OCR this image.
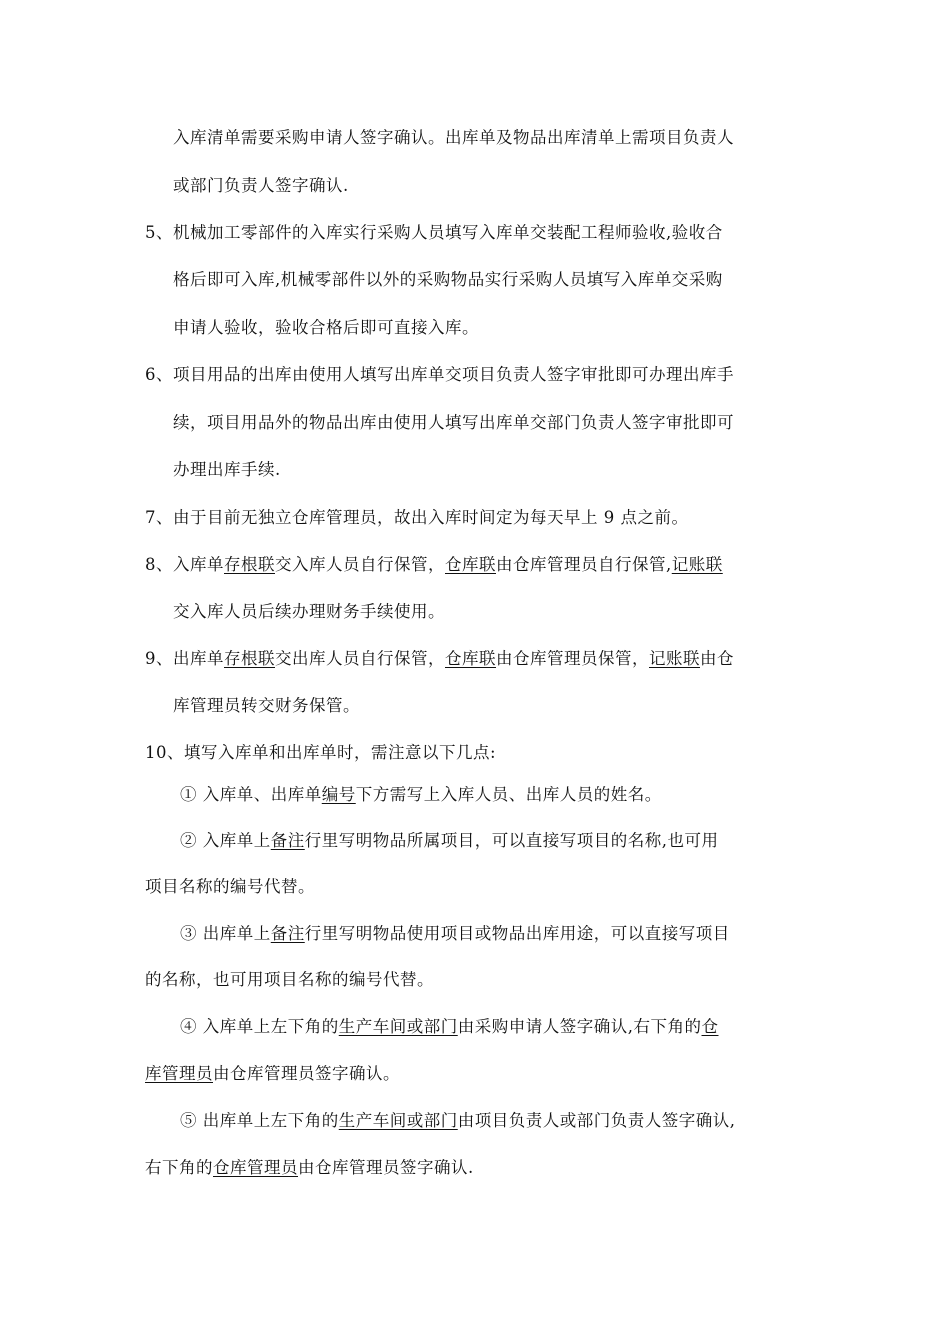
入库清单需要采购申请人签字确认。出库单及物品出库清单上需项目负责人
或部门负责人签字确认.
5、机械加工零部件的入库实行采购人员填写入库单交装配工程师验收,验收合
格后即可入库,机械零部件以外的采购物品实行采购人员填写入库单交采购
申请人验收，验收合格后即可直接入库。
6、项目用品的出库由使用人填写出库单交项目负责人签字审批即可办理出库手
续，项目用品外的物品出库由使用人填写出库单交部门负责人签字审批即可
办理出库手续.
7、由于目前无独立仓库管理员，故出入库时间定为每天早上 9 点之前。
8、入库单存根联交入库人员自行保管，仓库联由仓库管理员自行保管,记账联
交入库人员后续办理财务手续使用。
9、出库单存根联交出库人员自行保管，仓库联由仓库管理员保管，记账联由仓
库管理员转交财务保管。
10、填写入库单和出库单时，需注意以下几点:
① 入库单、出库单编号下方需写上入库人员、出库人员的姓名。
② 入库单上备注行里写明物品所属项目，可以直接写项目的名称,也可用
项目名称的编号代替。
③ 出库单上备注行里写明物品使用项目或物品出库用途，可以直接写项目
的名称，也可用项目名称的编号代替。
④ 入库单上左下角的生产车间或部门由采购申请人签字确认,右下角的仓
库管理员由仓库管理员签字确认。
⑤ 出库单上左下角的生产车间或部门由项目负责人或部门负责人签字确认,
右下角的仓库管理员由仓库管理员签字确认.
